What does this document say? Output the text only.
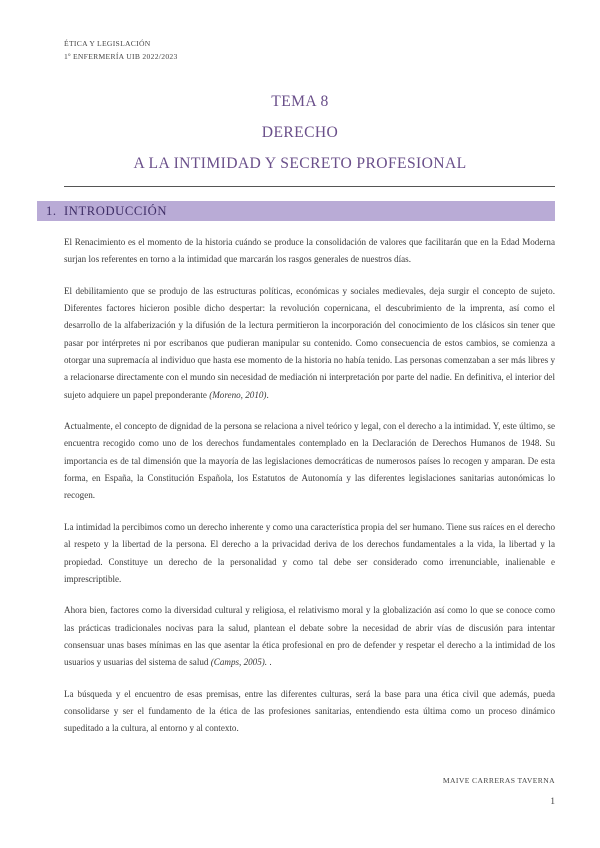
ÉTICA Y LEGISLACIÓN
1º ENFERMERÍA UIB 2022/2023
TEMA 8
DERECHO
A LA INTIMIDAD Y SECRETO PROFESIONAL
1. INTRODUCCIÓN

El Renacimiento es el momento de la historia cuándo se produce la consolidación de valores que facilitarán que en la Edad Moderna surjan los referentes en torno a la intimidad que marcarán los rasgos generales de nuestros días.

El debilitamiento que se produjo de las estructuras políticas, económicas y sociales medievales, deja surgir el concepto de sujeto. Diferentes factores hicieron posible dicho despertar: la revolución copernicana, el descubrimiento de la imprenta, así como el desarrollo de la alfaberización y la difusión de la lectura permitieron la incorporación del conocimiento de los clásicos sin tener que pasar por intérpretes ni por escribanos que pudieran manipular su contenido. Como consecuencia de estos cambios, se comienza a otorgar una supremacía al individuo que hasta ese momento de la historia no había tenido. Las personas comenzaban a ser más libres y a relacionarse directamente con el mundo sin necesidad de mediación ni interpretación por parte del nadie. En definitiva, el interior del sujeto adquiere un papel preponderante (Moreno, 2010).

Actualmente, el concepto de dignidad de la persona se relaciona a nivel teórico y legal, con el derecho a la intimidad. Y, este último, se encuentra recogido como uno de los derechos fundamentales contemplado en la Declaración de Derechos Humanos de 1948. Su importancia es de tal dimensión que la mayoría de las legislaciones democráticas de numerosos países lo recogen y amparan. De esta forma, en España, la Constitución Española, los Estatutos de Autonomía y las diferentes legislaciones sanitarias autonómicas lo recogen.

La intimidad la percibimos como un derecho inherente y como una característica propia del ser humano. Tiene sus raíces en el derecho al respeto y la libertad de la persona. El derecho a la privacidad deriva de los derechos fundamentales a la vida, la libertad y la propiedad. Constituye un derecho de la personalidad y como tal debe ser considerado como irrenunciable, inalienable e imprescriptible.

Ahora bien, factores como la diversidad cultural y religiosa, el relativismo moral y la globalización así como lo que se conoce como las prácticas tradicionales nocivas para la salud, plantean el debate sobre la necesidad de abrir vías de discusión para intentar consensuar unas bases mínimas en las que asentar la ética profesional en pro de defender y respetar el derecho a la intimidad de los usuarios y usuarias del sistema de salud (Camps, 2005). .

La búsqueda y el encuentro de esas premisas, entre las diferentes culturas, será la base para una ética civil que además, pueda consolidarse y ser el fundamento de la ética de las profesiones sanitarias, entendiendo esta última como un proceso dinámico supeditado a la cultura, al entorno y al contexto.

MAIVE CARRERAS TAVERNA
1
